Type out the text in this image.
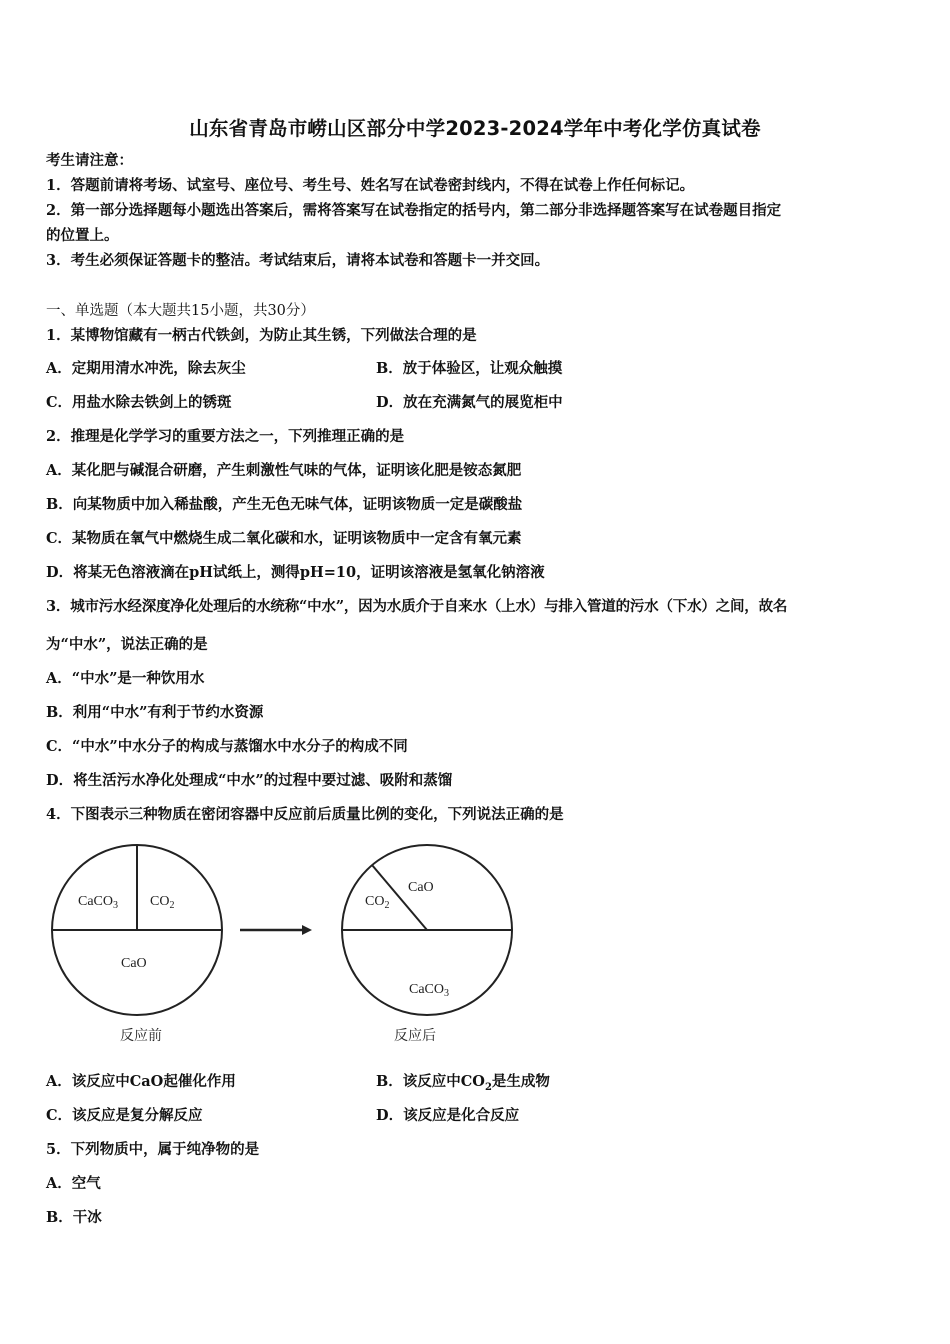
山东省青岛市崂山区部分中学2023-2024学年中考化学仿真试卷
考生请注意：
1．答题前请将考场、试室号、座位号、考生号、姓名写在试卷密封线内，不得在试卷上作任何标记。
2．第一部分选择题每小题选出答案后，需将答案写在试卷指定的括号内，第二部分非选择题答案写在试卷题目指定
的位置上。
3．考生必须保证答题卡的整洁。考试结束后，请将本试卷和答题卡一并交回。
一、单选题（本大题共15小题，共30分）
1．某博物馆藏有一柄古代铁剑，为防止其生锈，下列做法合理的是
A．定期用清水冲洗，除去灰尘	B．放于体验区，让观众触摸
C．用盐水除去铁剑上的锈斑	D．放在充满氮气的展览柜中
2．推理是化学学习的重要方法之一，下列推理正确的是
A．某化肥与碱混合研磨，产生刺激性气味的气体，证明该化肥是铵态氮肥
B．向某物质中加入稀盐酸，产生无色无味气体，证明该物质一定是碳酸盐
C．某物质在氧气中燃烧生成二氧化碳和水，证明该物质中一定含有氧元素
D．将某无色溶液滴在pH试纸上，测得pH=10，证明该溶液是氢氧化钠溶液
3．城市污水经深度净化处理后的水统称“中水”，因为水质介于自来水（上水）与排入管道的污水（下水）之间，故名
为“中水”，说法正确的是
A．“中水”是一种饮用水
B．利用“中水”有利于节约水资源
C．“中水”中水分子的构成与蒸馏水中水分子的构成不同
D．将生活污水净化处理成“中水”的过程中要过滤、吸附和蒸馏
4．下图表示三种物质在密闭容器中反应前后质量比例的变化，下列说法正确的是
CaCO$_3$ $CO_2$
CaO
$CO_2$
CaO
CaCO$_3$
反应前	反应后
A．该反应中CaO起催化作用	B．该反应中$CO_2$是生成物
C．该反应是复分解反应	D．该反应是化合反应
5．下列物质中，属于纯净物的是
A．空气
B．干冰
